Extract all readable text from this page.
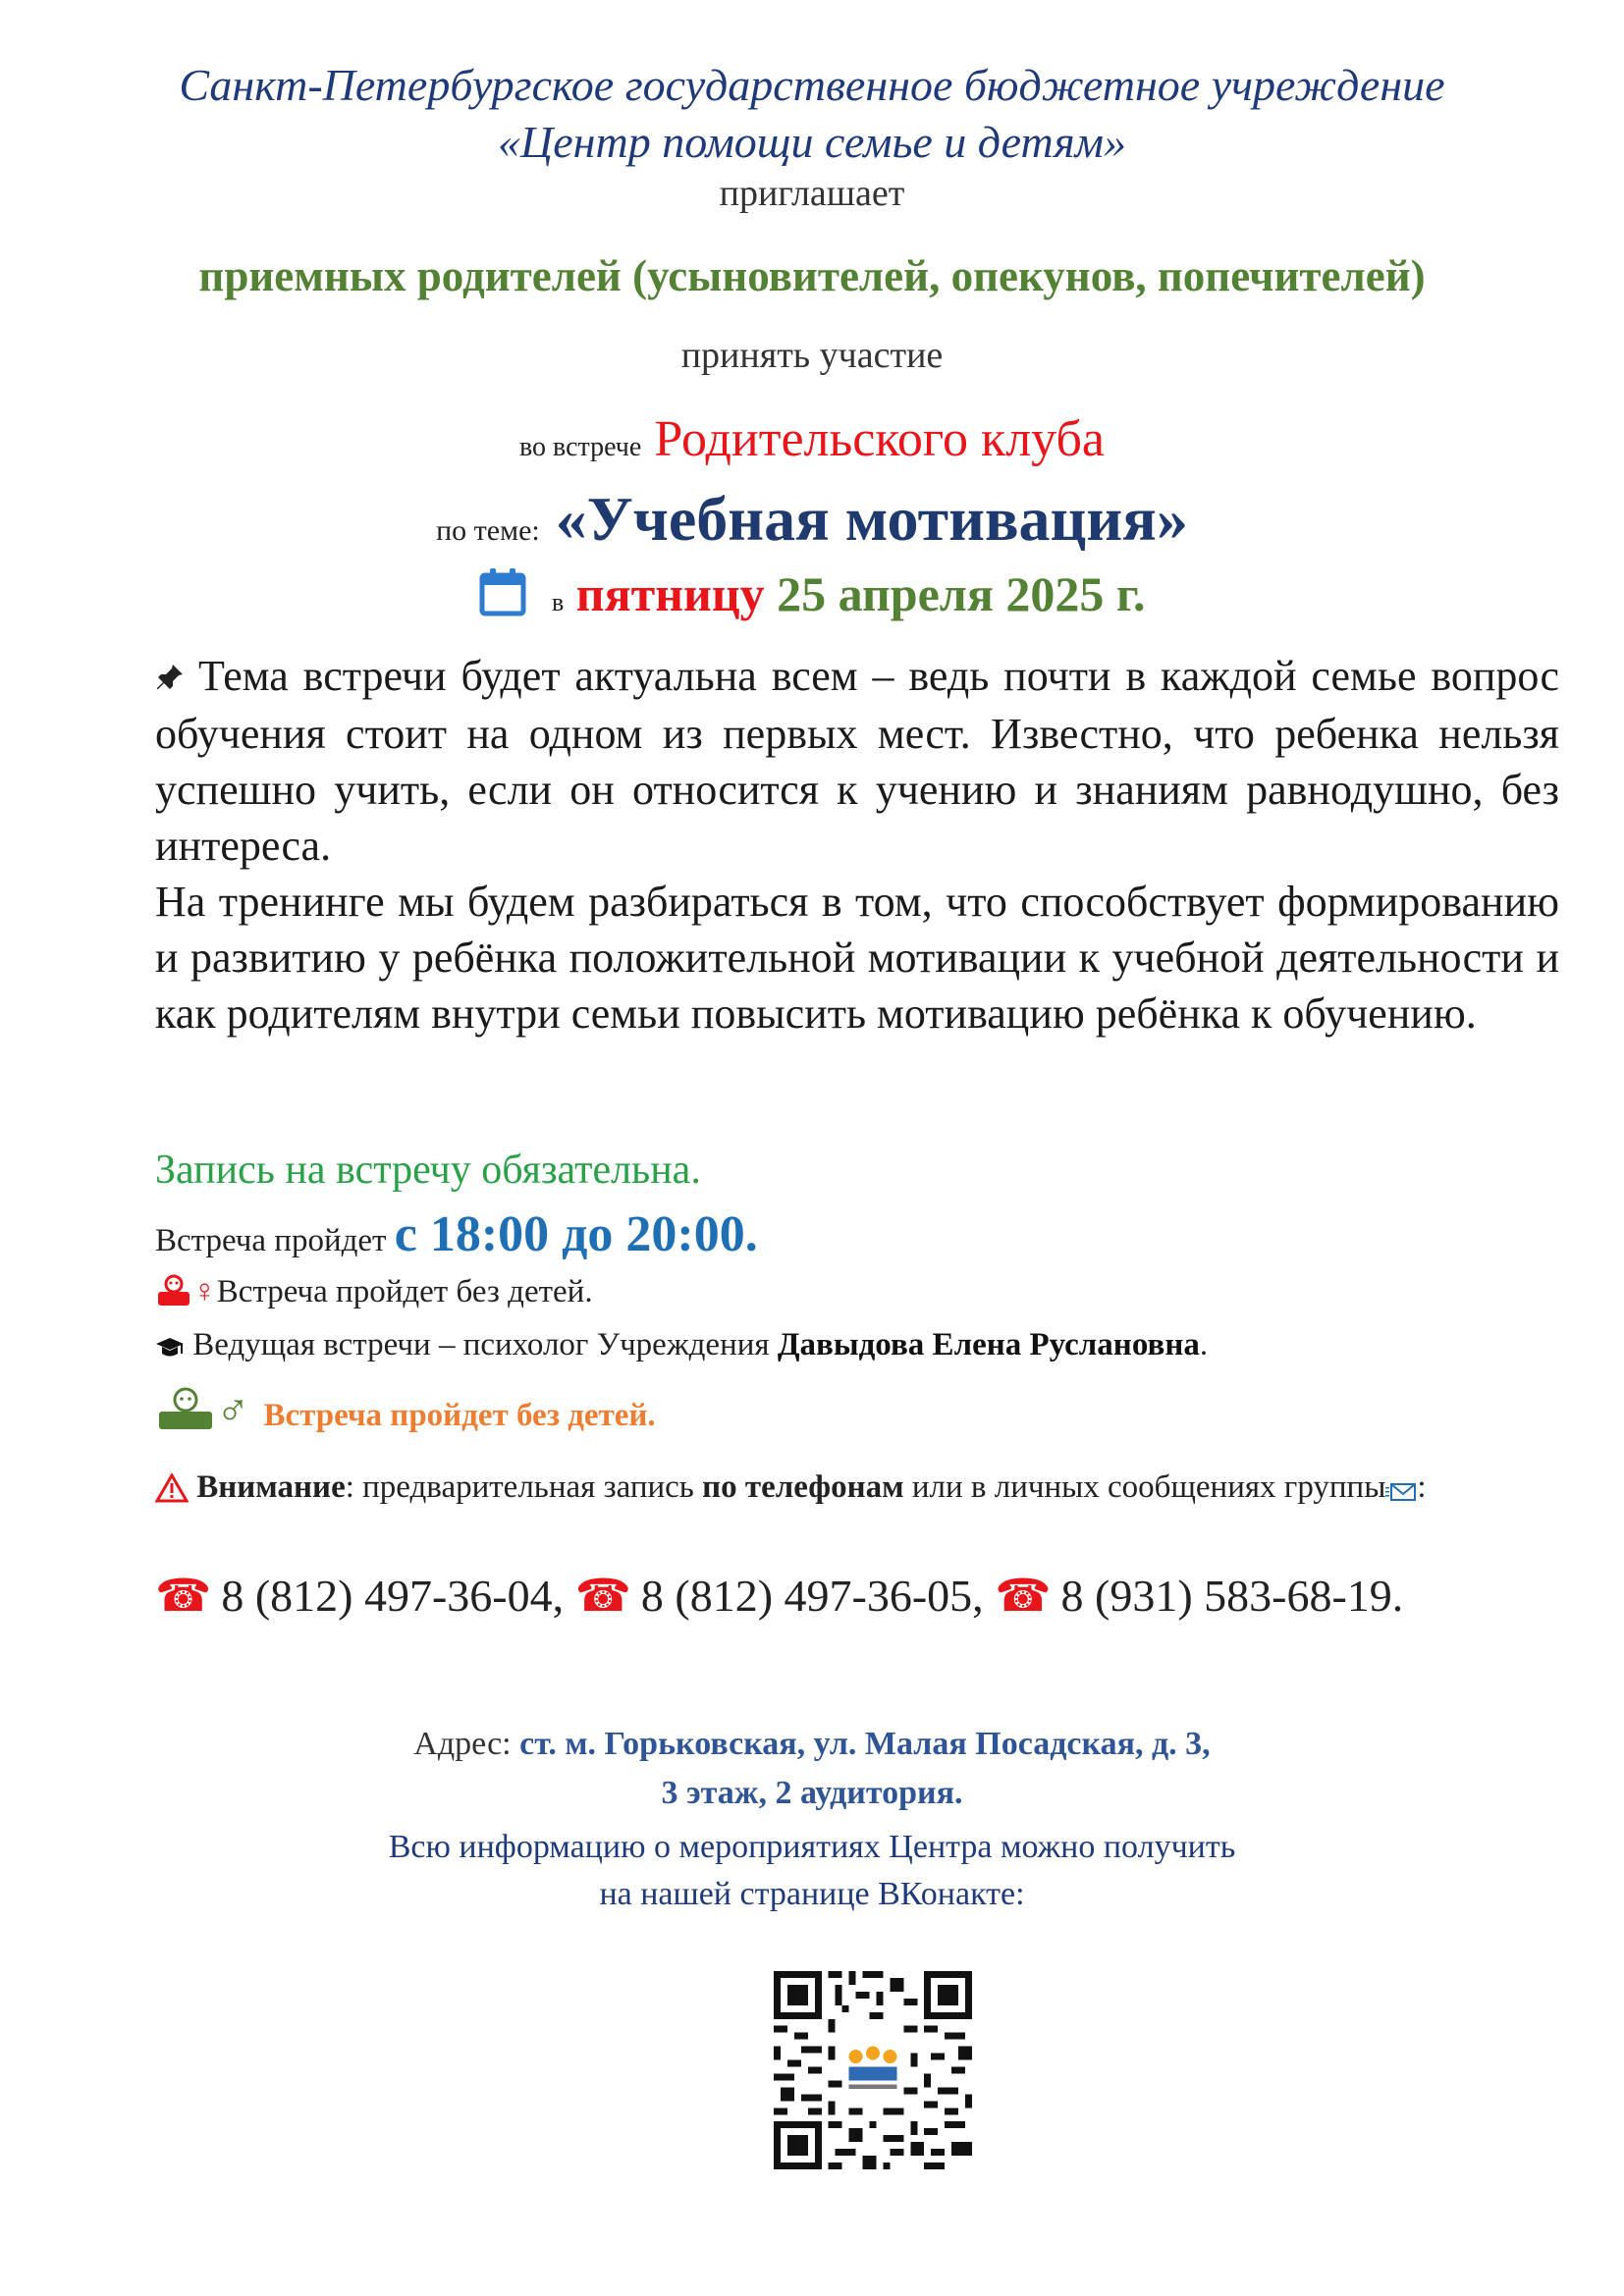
Санкт-Петербургское государственное бюджетное учреждение
«Центр помощи семье и детям»
приглашает
приемных родителей (усыновителей, опекунов, попечителей)
принять участие
во встрече Родительского клуба
по теме: «Учебная мотивация»
в пятницу 25 апреля 2025 г.

Тема встречи будет актуальна всем – ведь почти в каждой семье вопрос обучения стоит на одном из первых мест. Известно, что ребенка нельзя успешно учить, если он относится к учению и знаниям равнодушно, без интереса.

На тренинге мы будем разбираться в том, что способствует формированию и развитию у ребёнка положительной мотивации к учебной деятельности и как родителям внутри семьи повысить мотивацию ребёнка к обучению.

Запись на встречу обязательна.
Встреча пройдет с 18:00 до 20:00.
♀Встреча пройдет без детей.
Ведущая встречи – психолог Учреждения Давыдова Елена Руслановна.
♂ Встреча пройдет без детей.
Внимание: предварительная запись по телефонам или в личных сообщениях группы :
☎ 8 (812) 497-36-04, ☎ 8 (812) 497-36-05, ☎ 8 (931) 583-68-19.
Адрес: ст. м. Горьковская, ул. Малая Посадская, д. 3,
3 этаж, 2 аудитория.
Всю информацию о мероприятиях Центра можно получить
на нашей странице ВКонакте:
